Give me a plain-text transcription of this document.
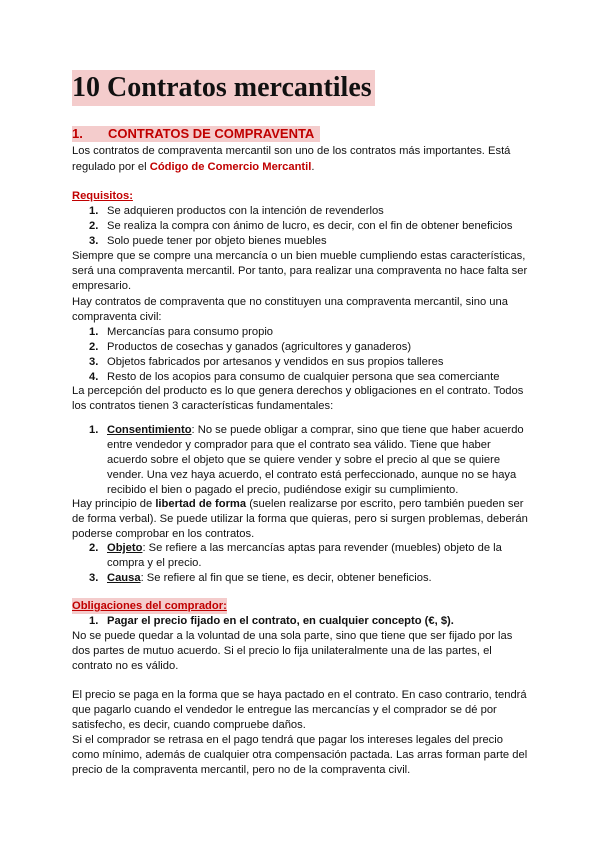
10 Contratos mercantiles
1. CONTRATOS DE COMPRAVENTA
Los contratos de compraventa mercantil son uno de los contratos más importantes. Está
regulado por el Código de Comercio Mercantil.
Requisitos:
1. Se adquieren productos con la intención de revenderlos
2. Se realiza la compra con ánimo de lucro, es decir, con el fin de obtener beneficios
3. Solo puede tener por objeto bienes muebles
Siempre que se compre una mercancía o un bien mueble cumpliendo estas características,
será una compraventa mercantil. Por tanto, para realizar una compraventa no hace falta ser
empresario.
Hay contratos de compraventa que no constituyen una compraventa mercantil, sino una
compraventa civil:
1. Mercancías para consumo propio
2. Productos de cosechas y ganados (agricultores y ganaderos)
3. Objetos fabricados por artesanos y vendidos en sus propios talleres
4. Resto de los acopios para consumo de cualquier persona que sea comerciante
La percepción del producto es lo que genera derechos y obligaciones en el contrato. Todos
los contratos tienen 3 características fundamentales:
1. Consentimiento: No se puede obligar a comprar, sino que tiene que haber acuerdo
entre vendedor y comprador para que el contrato sea válido. Tiene que haber
acuerdo sobre el objeto que se quiere vender y sobre el precio al que se quiere
vender. Una vez haya acuerdo, el contrato está perfeccionado, aunque no se haya
recibido el bien o pagado el precio, pudiéndose exigir su cumplimiento.
Hay principio de libertad de forma (suelen realizarse por escrito, pero también pueden ser
de forma verbal). Se puede utilizar la forma que quieras, pero si surgen problemas, deberán
poderse comprobar en los contratos.
2. Objeto: Se refiere a las mercancías aptas para revender (muebles) objeto de la
compra y el precio.
3. Causa: Se refiere al fin que se tiene, es decir, obtener beneficios.
Obligaciones del comprador:
1. Pagar el precio fijado en el contrato, en cualquier concepto (€, $).
No se puede quedar a la voluntad de una sola parte, sino que tiene que ser fijado por las
dos partes de mutuo acuerdo. Si el precio lo fija unilateralmente una de las partes, el
contrato no es válido.
El precio se paga en la forma que se haya pactado en el contrato. En caso contrario, tendrá
que pagarlo cuando el vendedor le entregue las mercancías y el comprador se dé por
satisfecho, es decir, cuando compruebe daños.
Si el comprador se retrasa en el pago tendrá que pagar los intereses legales del precio
como mínimo, además de cualquier otra compensación pactada. Las arras forman parte del
precio de la compraventa mercantil, pero no de la compraventa civil.
